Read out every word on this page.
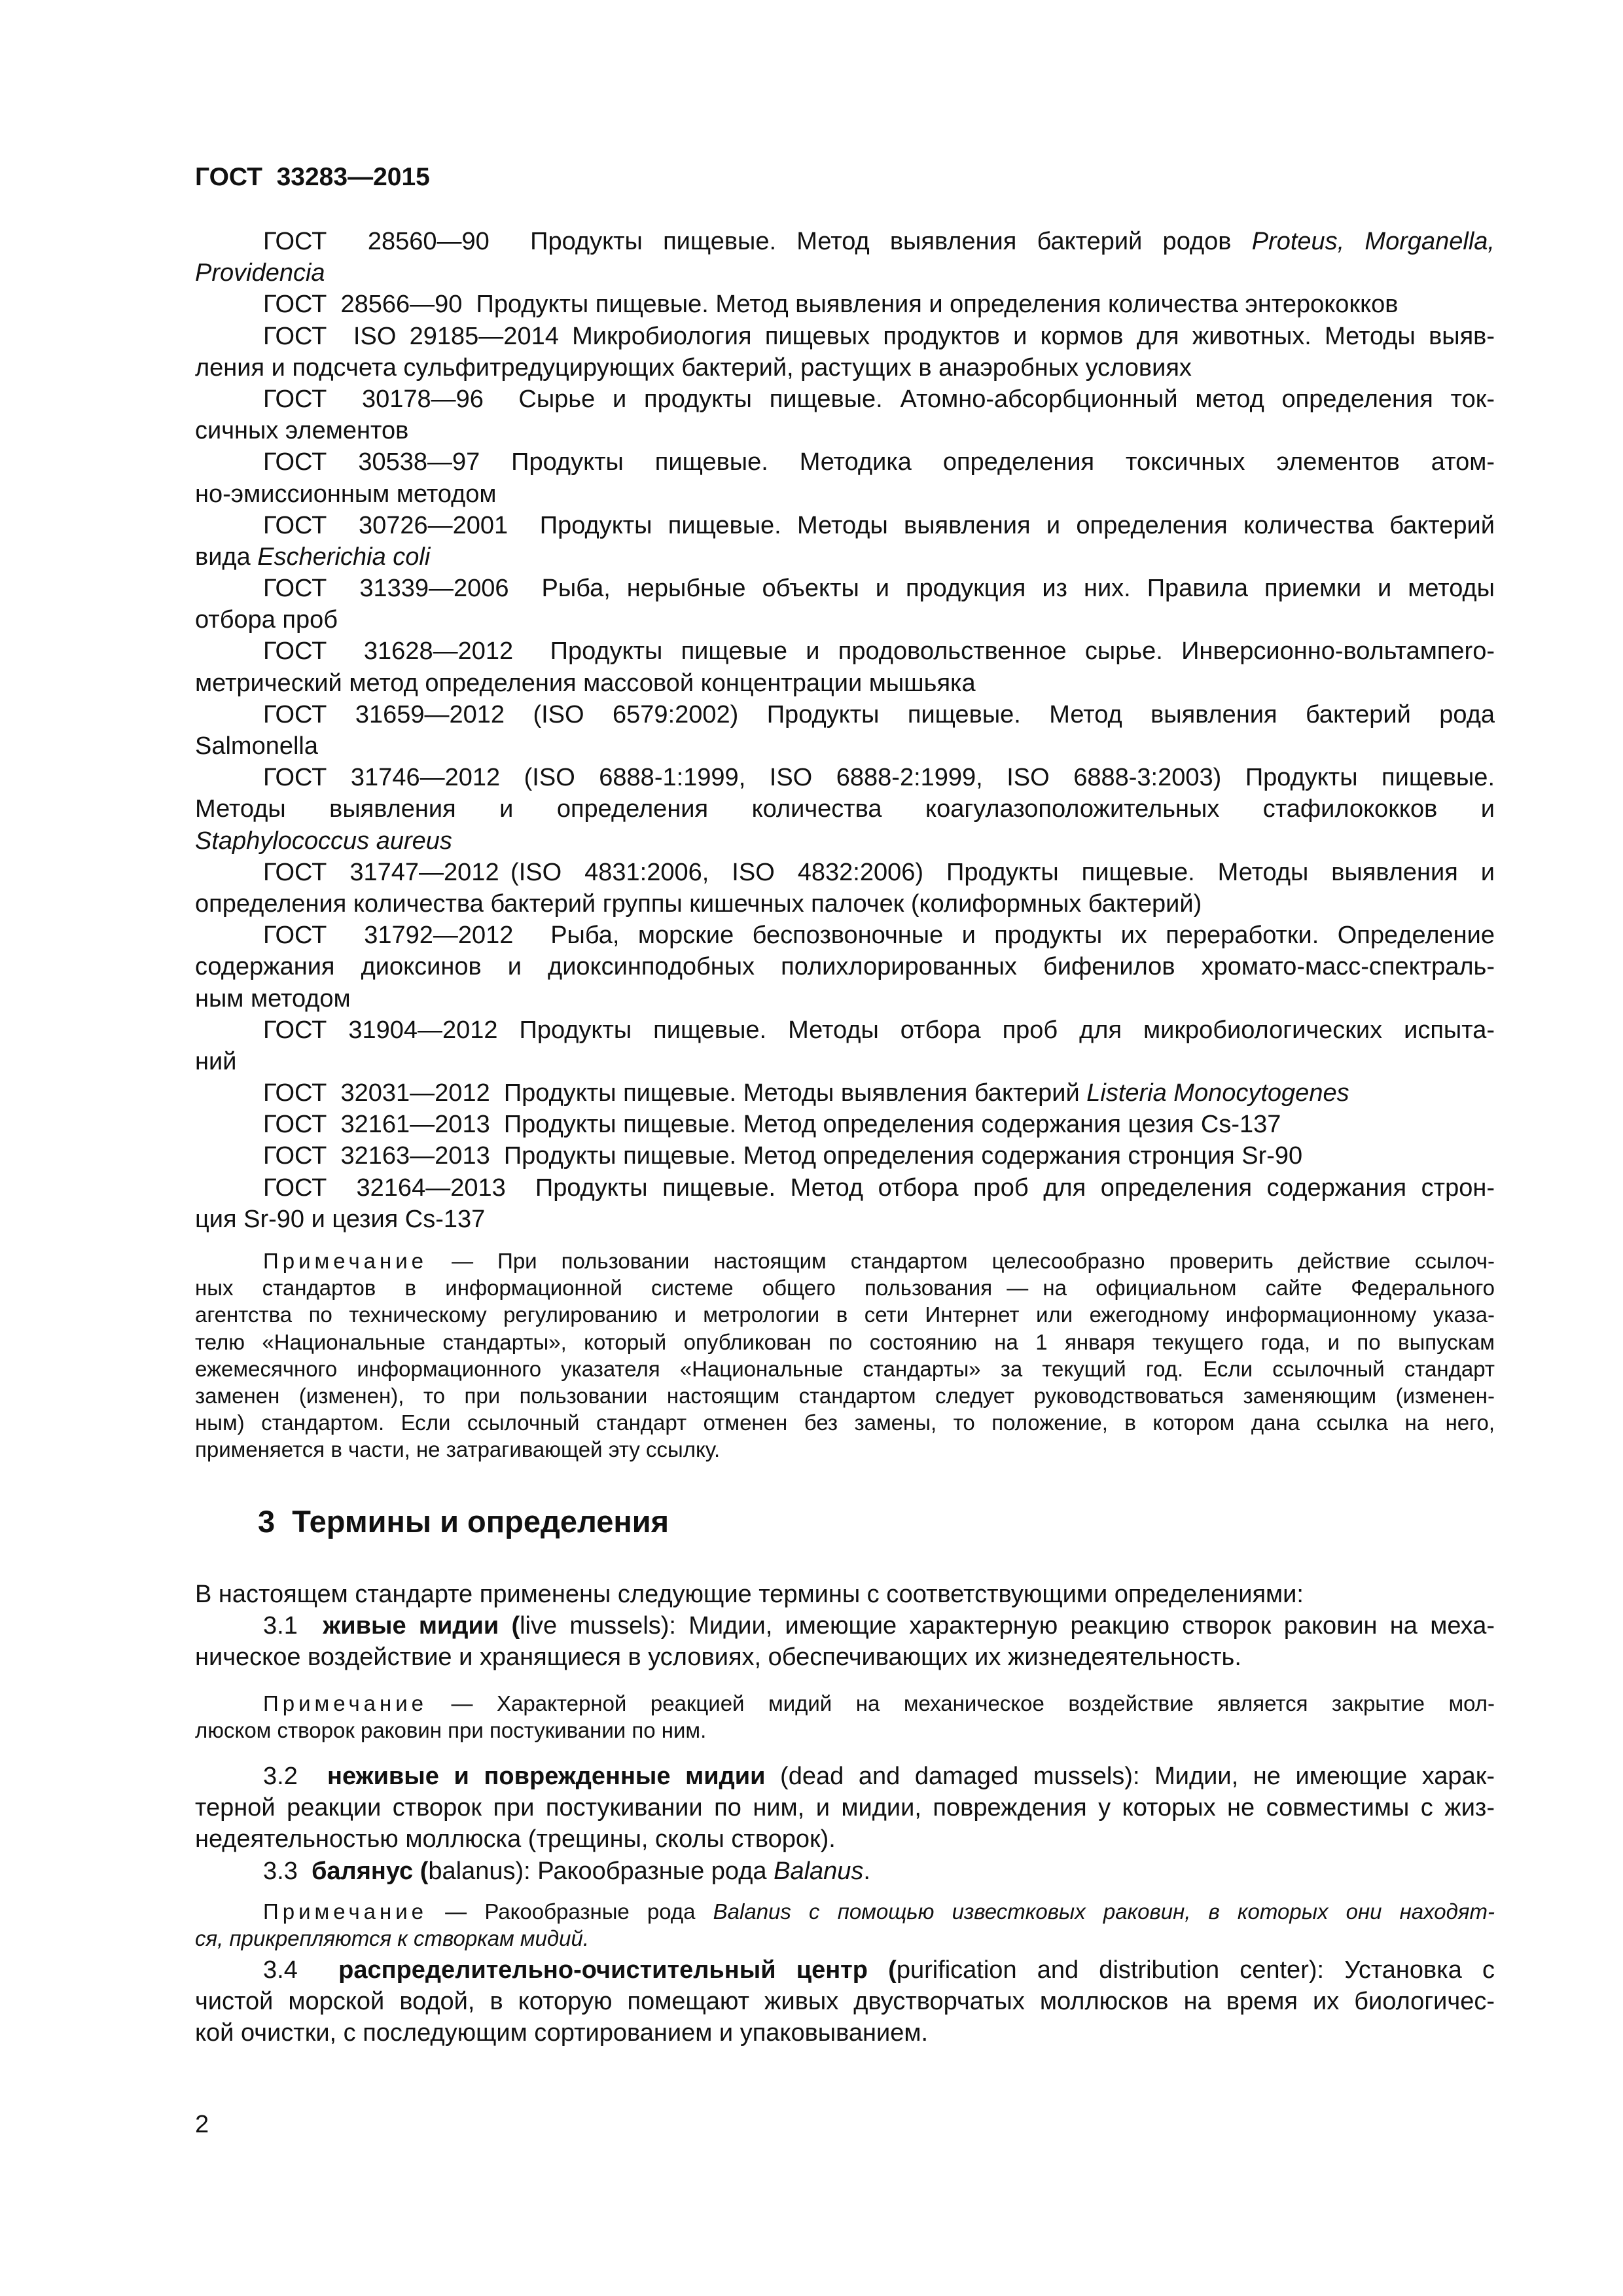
ГОСТ  33283—2015
ГОСТ  28560—90  Продукты пищевые. Метод выявления бактерий родов Proteus, Morganella,
Providencia
ГОСТ  28566—90  Продукты пищевые. Метод выявления и определения количества энтерококков
ГОСТ  ISO 29185—2014 Микробиология пищевых продуктов и кормов для животных. Методы выяв-
ления и подсчета сульфитредуцирующих бактерий, растущих в анаэробных условиях
ГОСТ  30178—96  Сырье и продукты пищевые. Атомно-абсорбционный метод определения ток-
сичных элементов
ГОСТ  30538—97  Продукты  пищевые.  Методика  определения  токсичных  элементов  атом-
но-эмиссионным методом
ГОСТ  30726—2001  Продукты пищевые. Методы выявления и определения количества бактерий
вида Escherichia coli
ГОСТ  31339—2006  Рыба, нерыбные объекты и продукция из них. Правила приемки и методы
отбора проб
ГОСТ  31628—2012  Продукты пищевые и продовольственное сырье. Инверсионно-вольтампero-
метрический метод определения массовой концентрации мышьяка
ГОСТ  31659—2012  (ISO  6579:2002)  Продукты  пищевые.  Метод  выявления  бактерий  рода
Salmonella
ГОСТ  31746—2012  (ISO  6888-1:1999,  ISO  6888-2:1999,  ISO  6888-3:2003)  Продукты  пищевые.
Методы   выявления   и   определения   количества   коагулазоположительных   стафилококков   и
Staphylococcus aureus
ГОСТ  31747—2012 (ISO  4831:2006,  ISO  4832:2006)  Продукты  пищевые.  Методы  выявления  и
определения количества бактерий группы кишечных палочек (колиформных бактерий)
ГОСТ  31792—2012  Рыба, морские беспозвоночные и продукты их переработки. Определение
содержания диоксинов и диоксинподобных полихлорированных бифенилов хромато-масс-спектраль-
ным методом
ГОСТ  31904—2012  Продукты  пищевые.  Методы  отбора  проб  для  микробиологических  испыта-
ний
ГОСТ  32031—2012  Продукты пищевые. Методы выявления бактерий Listeria Monocytogenes
ГОСТ  32161—2013  Продукты пищевые. Метод определения содержания цезия Cs-137
ГОСТ  32163—2013  Продукты пищевые. Метод определения содержания стронция Sr-90
ГОСТ  32164—2013  Продукты пищевые. Метод отбора проб для определения содержания строн-
ция Sr-90 и цезия Cs-137
Примечание — При пользовании настоящим стандартом целесообразно проверить действие ссылоч-
ных  стандартов  в  информационной  системе  общего  пользования — на  официальном  сайте  Федерального
агентства по техническому регулированию и метрологии в сети Интернет или ежегодному информационному указа-
телю «Национальные стандарты», который опубликован по состоянию на 1 января текущего года, и по выпускам
ежемесячного информационного указателя «Национальные стандарты» за текущий год. Если ссылочный стандарт
заменен (изменен), то при пользовании настоящим стандартом следует руководствоваться заменяющим (изменен-
ным) стандартом. Если ссылочный стандарт отменен без замены, то положение, в котором дана ссылка на него,
применяется в части, не затрагивающей эту ссылку.
3  Термины и определения
В настоящем стандарте применены следующие термины с соответствующими определениями:
3.1  живые мидии (live mussels): Мидии, имеющие характерную реакцию створок раковин на меха-
ническое воздействие и хранящиеся в условиях, обеспечивающих их жизнедеятельность.
Примечание — Характерной реакцией мидий на механическое воздействие является закрытие мол-
люском створок раковин при постукивании по ним.
3.2  неживые и поврежденные мидии (dead and damaged mussels): Мидии, не имеющие харак-
терной реакции створок при постукивании по ним, и мидии, повреждения у которых не совместимы с жиз-
недеятельностью моллюска (трещины, сколы створок).
3.3  балянус (balanus): Ракообразные рода Balanus.
Примечание — Ракообразные рода Balanus с помощью известковых раковин, в которых они находят-
ся, прикрепляются к створкам мидий.
3.4  распределительно-очистительный центр (purification and distribution center): Установка с
чистой морской водой, в которую помещают живых двустворчатых моллюсков на время их биологичес-
кой очистки, с последующим сортированием и упаковыванием.
2
